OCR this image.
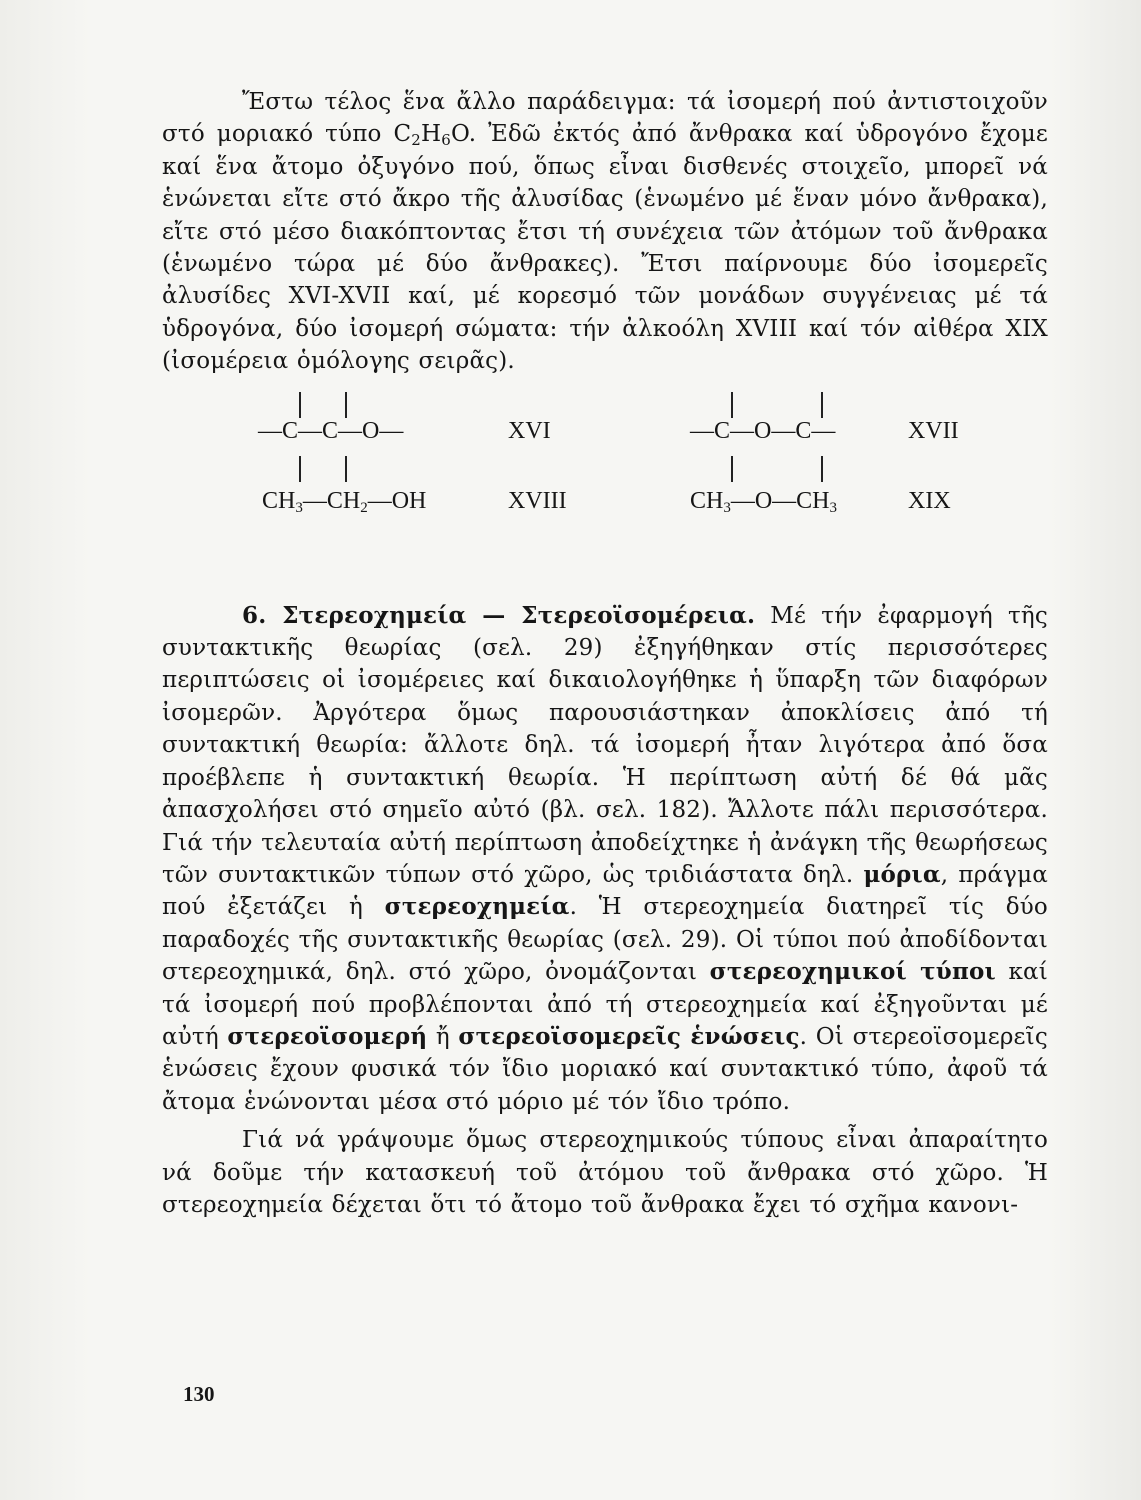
Ἔστω τέλος ἕνα ἄλλο παράδειγμα: τά ἰσομερή πού ἀντιστοιχοῦν στό μοριακό τύπο $C_2H_6O$. Ἐδῶ ἐκτός ἀπό ἄνθρακα καί ὑδρογόνο ἔχομε καί ἕνα ἄτομο ὀξυγόνο πού, ὅπως εἶναι δισθενές στοιχεῖο, μπορεῖ νά ἑνώνεται εἴτε στό ἄκρο τῆς ἀλυσίδας (ἑνωμένο μέ ἕναν μόνο ἄνθρακα), εἴτε στό μέσο διακόπτοντας ἔτσι τή συνέχεια τῶν ἀτόμων τοῦ ἄνθρακα (ἑνωμένο τώρα μέ δύο ἄνθρακες). Ἔτσι παίρνουμε δύο ἰσομερεῖς ἀλυσίδες XVI-XVII καί, μέ κορεσμό τῶν μονάδων συγγένειας μέ τά ὑδρογόνα, δύο ἰσομερή σώματα: τήν ἀλκοόλη XVIII καί τόν αἰθέρα XIX (ἰσομέρεια ὁμόλογης σειρᾶς).

—C—C—O—	XVI	—C—O—C—	XVII
$CH_3—CH_2—OH$	XVIII	$CH_3—O—CH_3$	XIX

6. Στερεοχημεία — Στερεοϊσομέρεια. Μέ τήν ἐφαρμογή τῆς συντακτικῆς θεωρίας (σελ. 29) ἐξηγήθηκαν στίς περισσότερες περιπτώσεις οἱ ἰσομέρειες καί δικαιολογήθηκε ἡ ὕπαρξη τῶν διαφόρων ἰσομερῶν. Ἀργότερα ὅμως παρουσιάστηκαν ἀποκλίσεις ἀπό τή συντακτική θεωρία: ἄλλοτε δηλ. τά ἰσομερή ἦταν λιγότερα ἀπό ὅσα προέβλεπε ἡ συντακτική θεωρία. Ἡ περίπτωση αὐτή δέ θά μᾶς ἀπασχολήσει στό σημεῖο αὐτό (βλ. σελ. 182). Ἄλλοτε πάλι περισσότερα. Γιά τήν τελευταία αὐτή περίπτωση ἀποδείχτηκε ἡ ἀνάγκη τῆς θεωρήσεως τῶν συντακτικῶν τύπων στό χῶρο, ὡς τριδιάστατα δηλ. μόρια, πράγμα πού ἐξετάζει ἡ στερεοχημεία. Ἡ στερεοχημεία διατηρεῖ τίς δύο παραδοχές τῆς συντακτικῆς θεωρίας (σελ. 29). Οἱ τύποι πού ἀποδίδονται στερεοχημικά, δηλ. στό χῶρο, ὀνομάζονται στερεοχημικοί τύποι καί τά ἰσομερή πού προβλέπονται ἀπό τή στερεοχημεία καί ἐξηγοῦνται μέ αὐτή στερεοϊσομερή ἤ στερεοϊσομερεῖς ἑνώσεις. Οἱ στερεοϊσομερεῖς ἑνώσεις ἔχουν φυσικά τόν ἴδιο μοριακό καί συντακτικό τύπο, ἀφοῦ τά ἄτομα ἑνώνονται μέσα στό μόριο μέ τόν ἴδιο τρόπο.

Γιά νά γράψουμε ὅμως στερεοχημικούς τύπους εἶναι ἀπαραίτητο νά δοῦμε τήν κατασκευή τοῦ ἀτόμου τοῦ ἄνθρακα στό χῶρο. Ἡ στερεοχημεία δέχεται ὅτι τό ἄτομο τοῦ ἄνθρακα ἔχει τό σχῆμα κανονι-

130
